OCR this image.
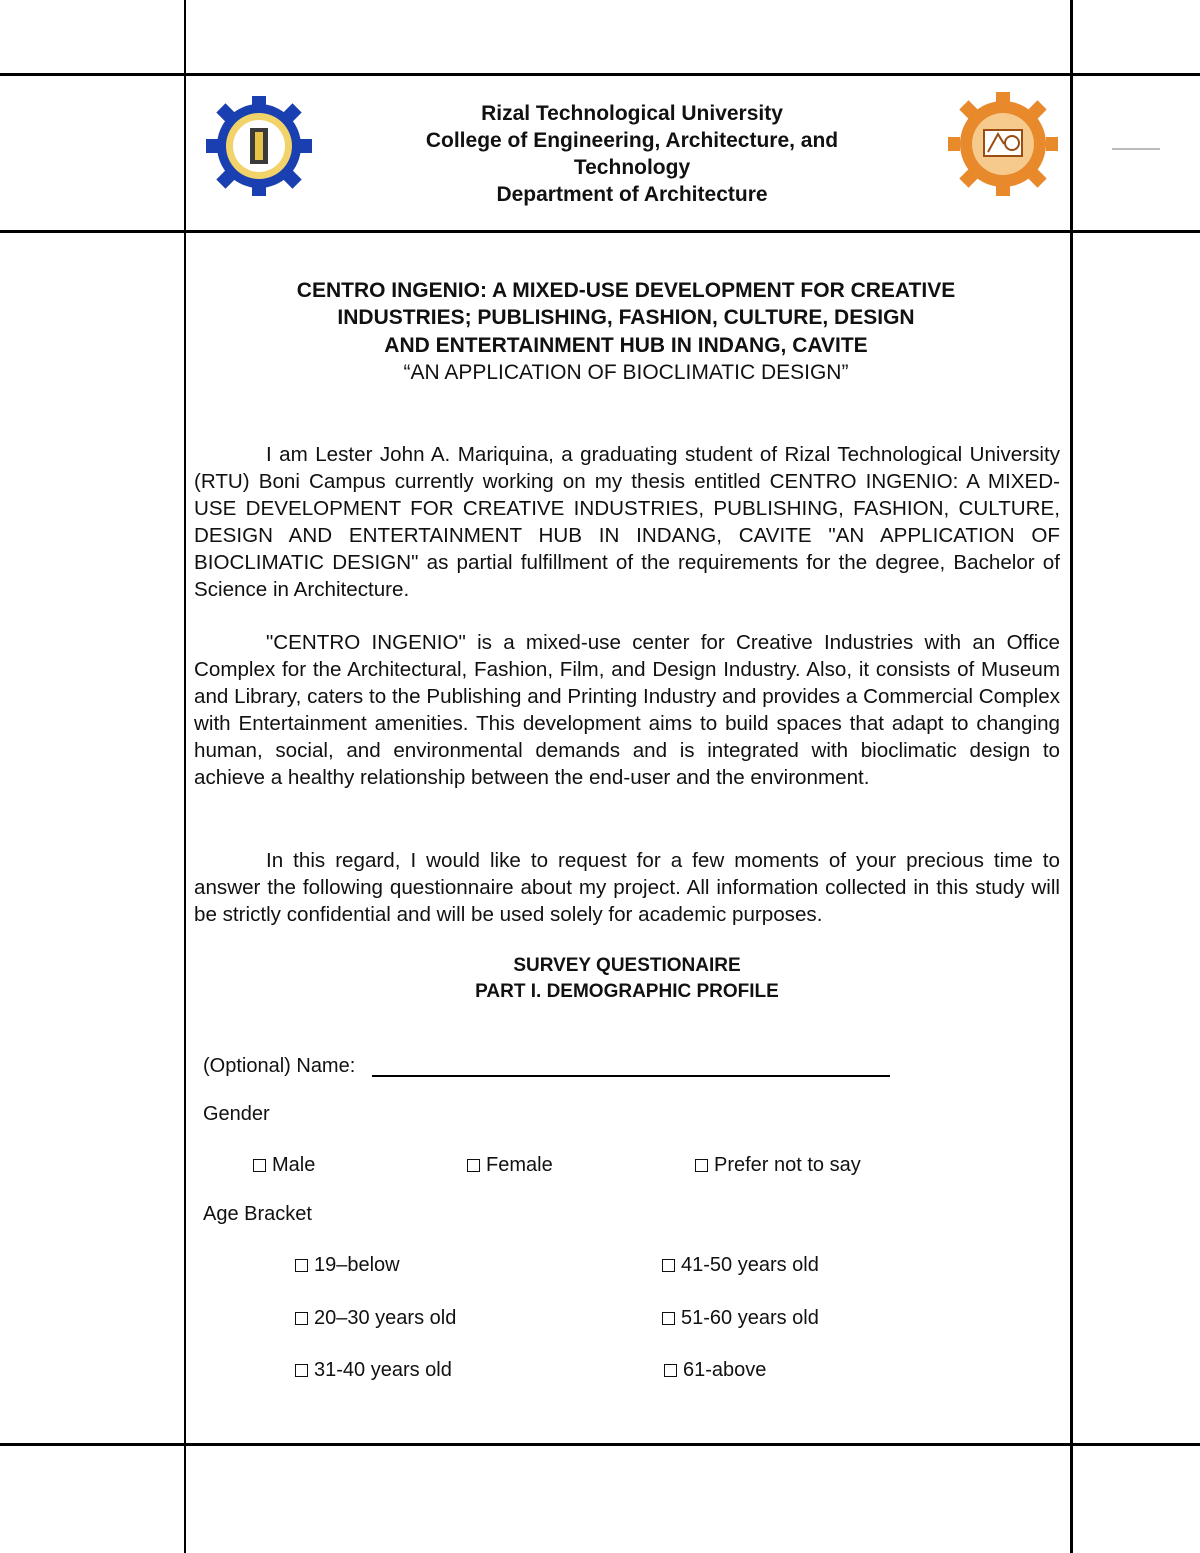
Rizal Technological University
College of Engineering, Architecture, and
Technology
Department of Architecture
CENTRO INGENIO: A MIXED-USE DEVELOPMENT FOR CREATIVE
INDUSTRIES; PUBLISHING, FASHION, CULTURE, DESIGN
AND ENTERTAINMENT HUB IN INDANG, CAVITE
“AN APPLICATION OF BIOCLIMATIC DESIGN”

I am Lester John A. Mariquina, a graduating student of Rizal Technological University (RTU) Boni Campus currently working on my thesis entitled CENTRO INGENIO: A MIXED-USE DEVELOPMENT FOR CREATIVE INDUSTRIES, PUBLISHING, FASHION, CULTURE, DESIGN AND ENTERTAINMENT HUB IN INDANG, CAVITE "AN APPLICATION OF BIOCLIMATIC DESIGN" as partial fulfillment of the requirements for the degree, Bachelor of Science in Architecture.

"CENTRO INGENIO" is a mixed-use center for Creative Industries with an Office Complex for the Architectural, Fashion, Film, and Design Industry. Also, it consists of Museum and Library, caters to the Publishing and Printing Industry and provides a Commercial Complex with Entertainment amenities. This development aims to build spaces that adapt to changing human, social, and environmental demands and is integrated with bioclimatic design to achieve a healthy relationship between the end-user and the environment.

In this regard, I would like to request for a few moments of your precious time to answer the following questionnaire about my project. All information collected in this study will be strictly confidential and will be used solely for academic purposes.

SURVEY QUESTIONAIRE
PART I. DEMOGRAPHIC PROFILE
(Optional) Name:
Gender
Male	Female	Prefer not to say
Age Bracket
19–below	41-50 years old
20–30 years old	51-60 years old
31-40 years old	61-above
